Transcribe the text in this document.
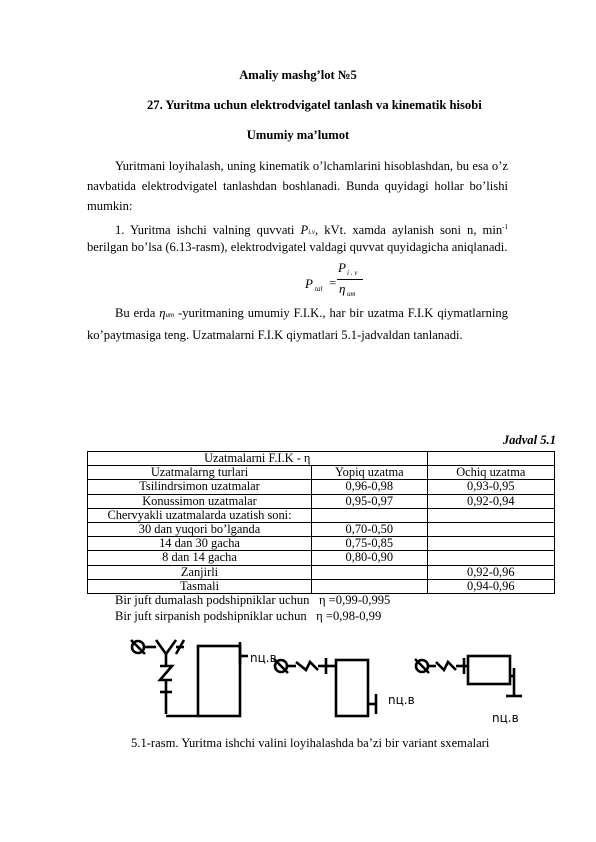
Amaliy mashg’lot №5
27. Yuritma uchun elektrodvigatel tanlash va kinematik hisobi
Umumiy ma’lumot
Yuritmani loyihalash, uning kinematik o’lchamlarini hisoblashdan, bu esa o’z navbatida elektrodvigatel tanlashdan boshlanadi. Bunda quyidagi hollar bo’lishi mumkin:
1. Yuritma ishchi valning quvvati Pi.v, kVt. xamda aylanish soni n, $\min^{-1}$
berilgan bo’lsa (6.13-rasm), elektrodvigatel valdagi quvvat quyidagicha aniqlanadi.
P tal =
P i . v
η um
Bu erda ηum -yuritmaning umumiy F.I.K., har bir uzatma F.I.K qiymatlarning ko’paytmasiga teng. Uzatmalarni F.I.K qiymatlari 5.1-jadvaldan tanlanadi.
Jadval 5.1
Uzatmalarni F.I.K - η		
Uzatmalarng turlari	Yopiq uzatma	Ochiq uzatma
Tsilindrsimon uzatmalar	0,96-0,98	0,93-0,95
Konussimon uzatmalar	0,95-0,97	0,92-0,94
Chervyakli uzatmalarda uzatish soni:		
30 dan yuqori bo’lganda	0,70-0,50	
14 dan 30 gacha	0,75-0,85	
8 dan 14 gacha	0,80-0,90	
Zanjirli		0,92-0,96
Tasmali		0,94-0,96
Bir juft dumalash podshipniklar uchun η =0,99-0,995
Bir juft sirpanish podshipniklar uchun η =0,98-0,99
nц.в
nц.в
nц.в
5.1-rasm. Yuritma ishchi valini loyihalashda ba’zi bir variant sxemalari
